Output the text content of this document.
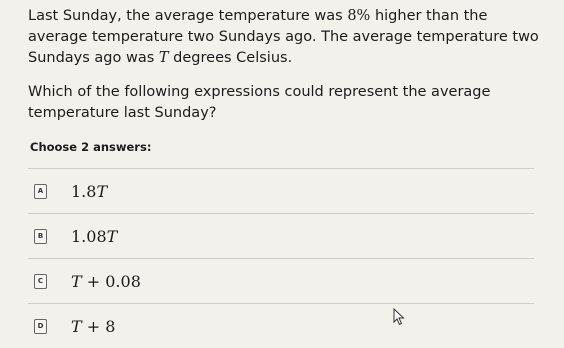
Last Sunday, the average temperature was 8% higher than the average temperature two Sundays ago. The average temperature two Sundays ago was T degrees Celsius.

Which of the following expressions could represent the average temperature last Sunday?

Choose 2 answers:
A 1.8T
B 1.08T
C T + 0.08
D T + 8
